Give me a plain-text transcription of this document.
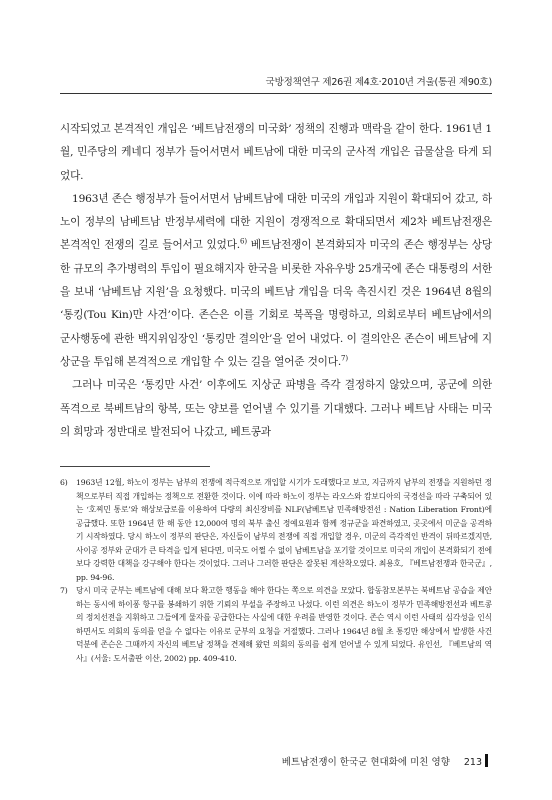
국방정책연구 제26권 제4호·2010년 겨울(통권 제90호)

시작되었고 본격적인 개입은 ‘베트남전쟁의 미국화’ 정책의 진행과 맥락을 같이 한다. 1961년 1월, 민주당의 케네디 정부가 들어서면서 베트남에 대한 미국의 군사적 개입은 급물살을 타게 되었다.

1963년 존슨 행정부가 들어서면서 남베트남에 대한 미국의 개입과 지원이 확대되어 갔고, 하노이 정부의 남베트남 반정부세력에 대한 지원이 경쟁적으로 확대되면서 제2차 베트남전쟁은 본격적인 전쟁의 길로 들어서고 있었다.$^{6)}$ 베트남전쟁이 본격화되자 미국의 존슨 행정부는 상당한 규모의 추가병력의 투입이 필요해지자 한국을 비롯한 자유우방 25개국에 존슨 대통령의 서한을 보내 ‘남베트남 지원’을 요청했다. 미국의 베트남 개입을 더욱 촉진시킨 것은 1964년 8월의 ‘통킹(Tou Kin)만 사건’이다. 존슨은 이를 기회로 북폭을 명령하고, 의회로부터 베트남에서의 군사행동에 관한 백지위임장인 ‘통킹만 결의안’을 얻어 내었다. 이 결의안은 존슨이 베트남에 지상군을 투입해 본격적으로 개입할 수 있는 길을 열어준 것이다.$^{7)}$

그러나 미국은 ‘통킹만 사건’ 이후에도 지상군 파병을 즉각 결정하지 않았으며, 공군에 의한 폭격으로 북베트남의 항복, 또는 양보를 얻어낼 수 있기를 기대했다. 그러나 베트남 사태는 미국의 희망과 정반대로 발전되어 나갔고, 베트콩과

6)	1963년 12월, 하노이 정부는 남부의 전쟁에 적극적으로 개입할 시기가 도래했다고 보고, 지금까지 남부의 전쟁을 지원하던 정책으로부터 직접 개입하는 정책으로 전환한 것이다. 이에 따라 하노이 정부는 라오스와 캄보디아의 국경선을 따라 구축되어 있는 ‘호찌민 통로’와 해상보급로를 이용하여 다량의 최신장비를 NLF(남베트남 민족해방전선 : Nation Liberation Front)에 공급했다. 또한 1964년 한 해 동안 12,000여 명의 북부 출신 정예요원과 함께 정규군을 파견하였고, 곳곳에서 미군을 공격하기 시작하였다. 당시 하노이 정부의 판단은, 자신들이 남부의 전쟁에 직접 개입할 경우, 미군의 즉각적인 반격이 뒤따르겠지만, 사이공 정부와 군대가 큰 타격을 입게 된다면, 미국도 어쩔 수 없이 남베트남을 포기할 것이므로 미국의 개입이 본격화되기 전에 보다 강력한 대책을 강구해야 한다는 것이었다. 그러나 그러한 판단은 잘못된 계산착오였다. 최용호, 『베트남전쟁과 한국군』, pp. 94-96.
7)	당시 미국 군부는 베트남에 대해 보다 확고한 행동을 해야 한다는 쪽으로 의견을 모았다. 합동참모본부는 북베트남 공습을 제안하는 동시에 하이퐁 항구를 봉쇄하기 위한 기뢰의 부설을 주장하고 나섰다. 이런 의견은 하노이 정부가 민족해방전선과 베트콩의 정치선전을 지휘하고 그들에게 물자를 공급한다는 사실에 대한 우려를 반영한 것이다. 존슨 역시 이런 사태의 심각성을 인식하면서도 의회의 동의를 얻을 수 없다는 이유로 군부의 요청을 거절했다. 그러나 1964년 8월 초 통킹만 해상에서 발생한 사건 덕분에 존슨은 그때까지 자신의 베트남 정책을 견제해 왔던 의회의 동의를 쉽게 얻어낼 수 있게 되었다. 유인선, 『베트남의 역사』(서울: 도서출판 이산, 2002) pp. 409-410.
베트남전쟁이 한국군 현대화에 미친 영향 213
